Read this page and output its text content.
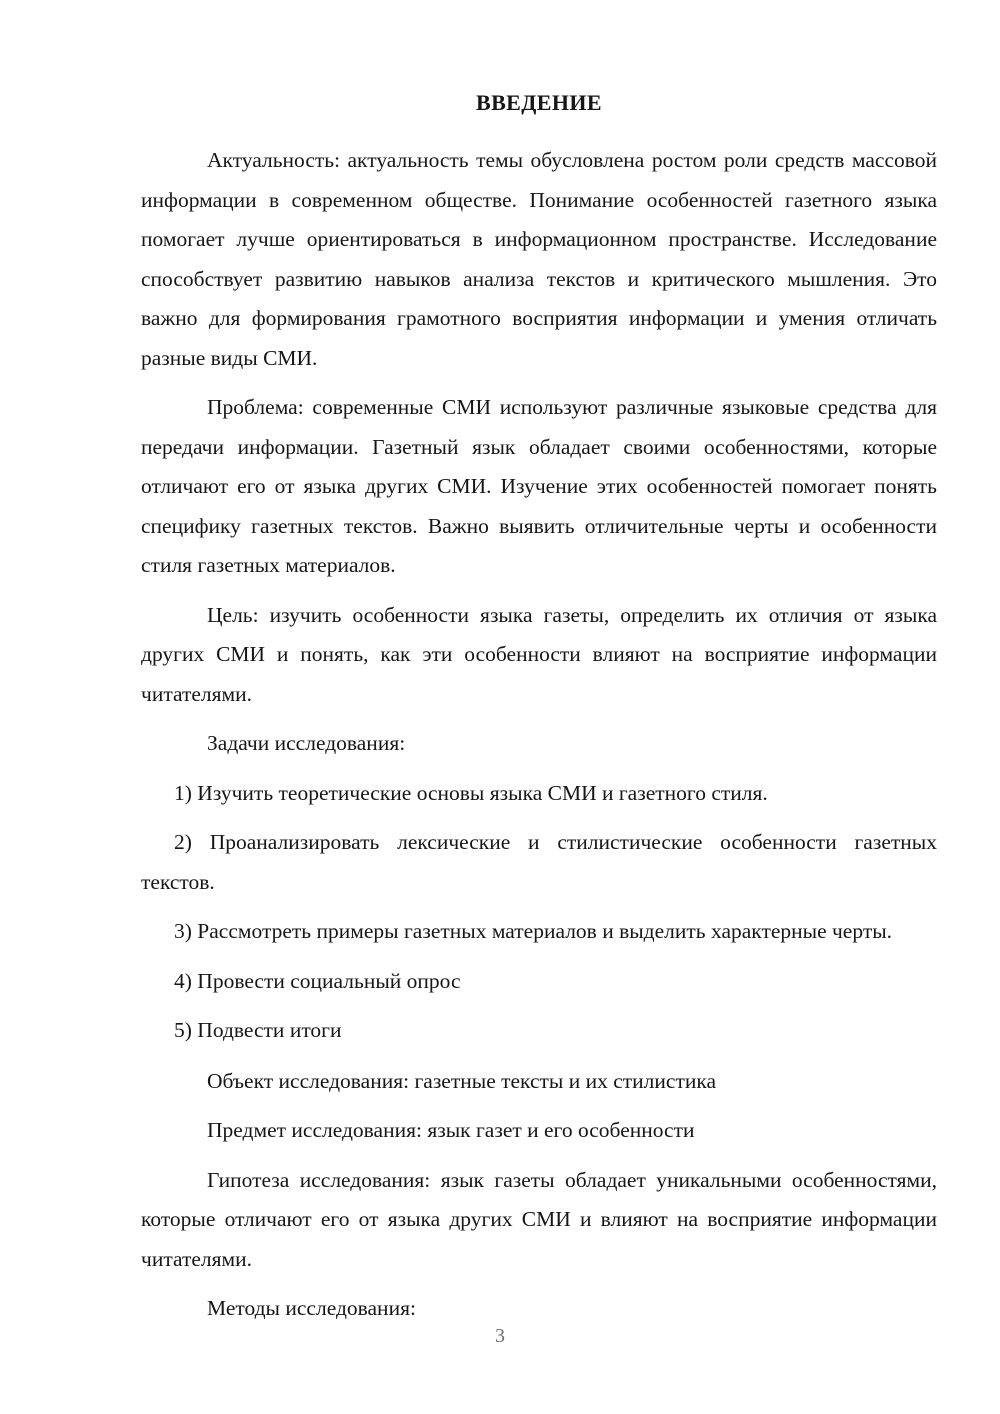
ВВЕДЕНИЕ

Актуальность: актуальность темы обусловлена ростом роли средств массовой информации в современном обществе. Понимание особенностей газетного языка помогает лучше ориентироваться в информационном пространстве. Исследование способствует развитию навыков анализа текстов и критического мышления. Это важно для формирования грамотного восприятия информации и умения отличать разные виды СМИ.

Проблема: современные СМИ используют различные языковые средства для передачи информации. Газетный язык обладает своими особенностями, которые отличают его от языка других СМИ. Изучение этих особенностей помогает понять специфику газетных текстов. Важно выявить отличительные черты и особенности стиля газетных материалов.

Цель: изучить особенности языка газеты, определить их отличия от языка других СМИ и понять, как эти особенности влияют на восприятие информации читателями.

Задачи исследования:

1) Изучить теоретические основы языка СМИ и газетного стиля.

2) Проанализировать лексические и стилистические особенности газетных текстов.

3) Рассмотреть примеры газетных материалов и выделить характерные черты.

4) Провести социальный опрос

5) Подвести итоги

Объект исследования: газетные тексты и их стилистика

Предмет исследования: язык газет и его особенности

Гипотеза исследования: язык газеты обладает уникальными особенностями, которые отличают его от языка других СМИ и влияют на восприятие информации читателями.

Методы исследования:

3
